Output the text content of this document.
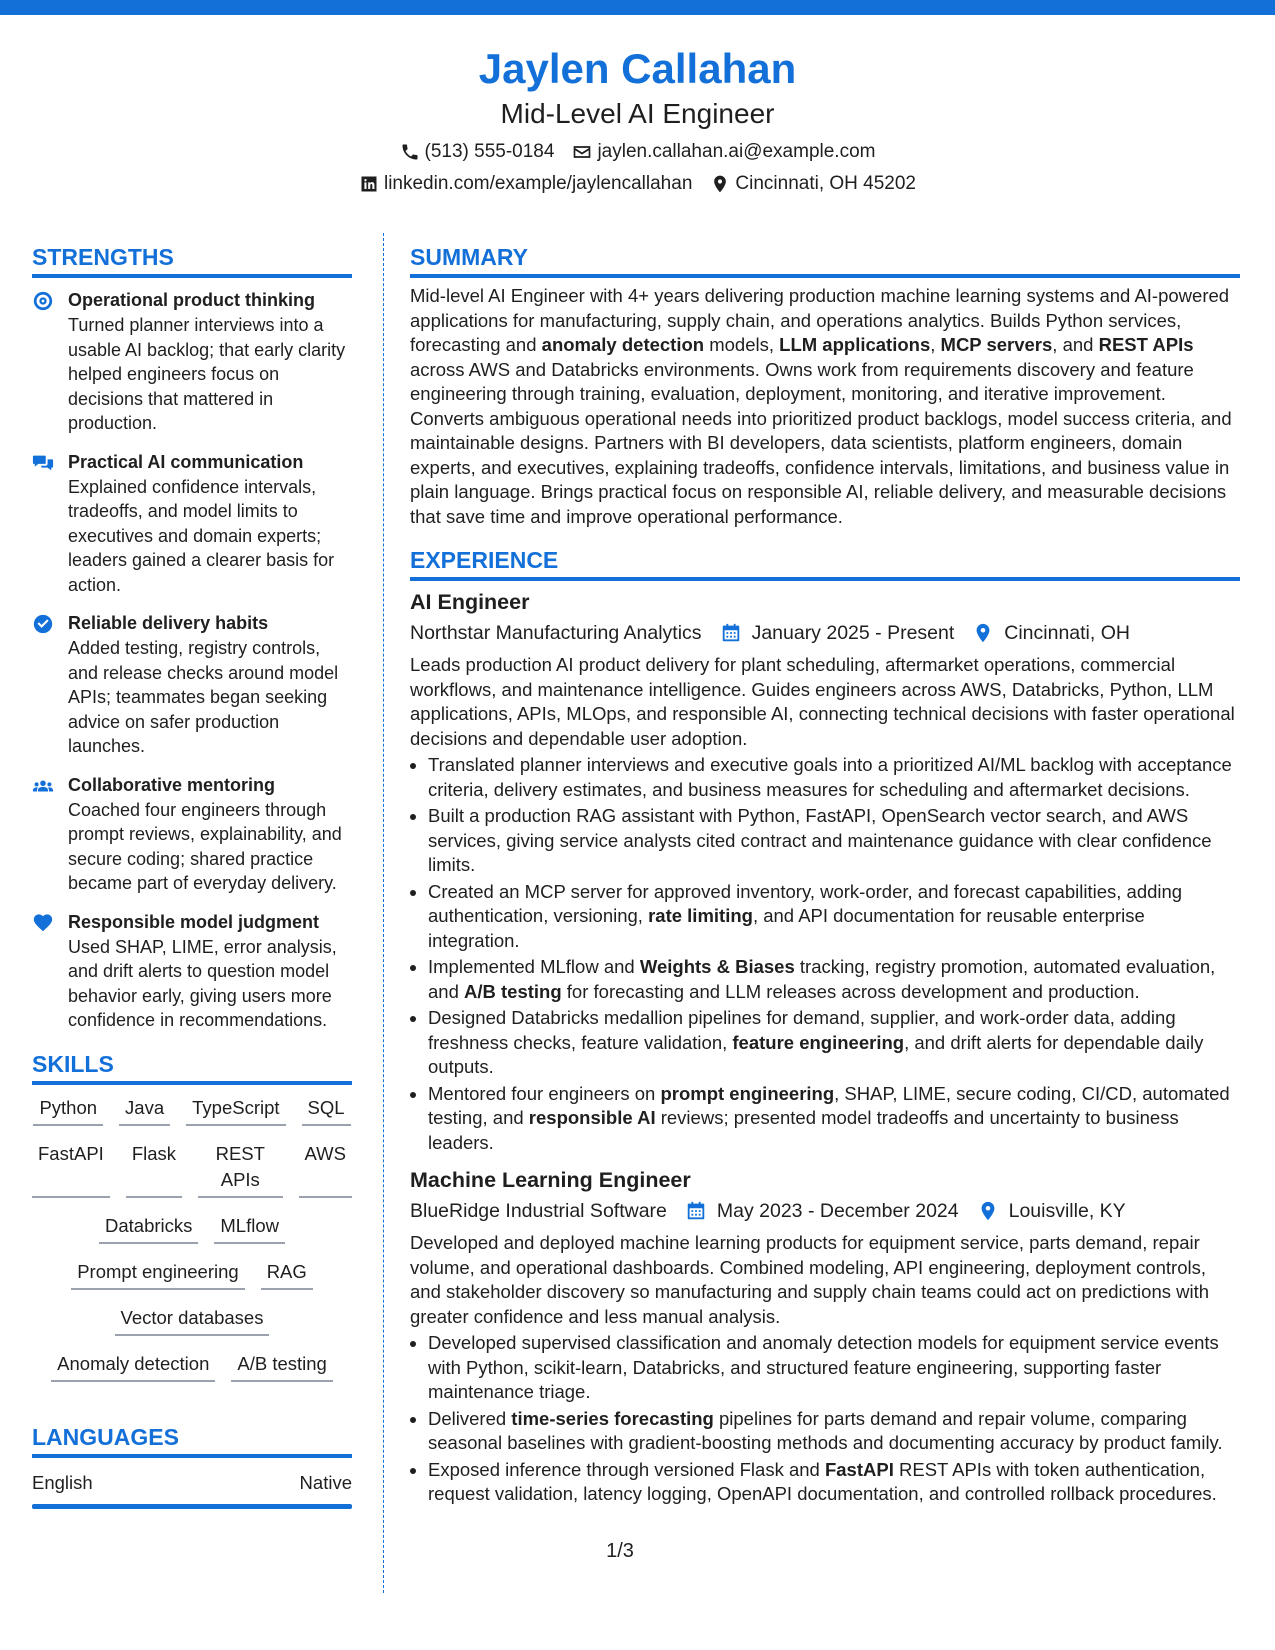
Jaylen Callahan
Mid-Level AI Engineer
(513) 555-0184 jaylen.callahan.ai@example.com
linkedin.com/example/jaylencallahan Cincinnati, OH 45202
STRENGTHS
Operational product thinking
Turned planner interviews into a usable AI backlog; that early clarity helped engineers focus on decisions that mattered in production.
Practical AI communication
Explained confidence intervals, tradeoffs, and model limits to executives and domain experts; leaders gained a clearer basis for action.
Reliable delivery habits
Added testing, registry controls, and release checks around model APIs; teammates began seeking advice on safer production launches.
Collaborative mentoring
Coached four engineers through prompt reviews, explainability, and secure coding; shared practice became part of everyday delivery.
Responsible model judgment
Used SHAP, LIME, error analysis, and drift alerts to question model behavior early, giving users more confidence in recommendations.
SKILLS
Python	Java	TypeScript	SQL
FastAPI	Flask	REST APIs
AWS
Databricks	MLflow
Prompt engineering	RAG
Vector databases
Anomaly detection	A/B testing
LANGUAGES
English	Native
SUMMARY
Mid-level AI Engineer with 4+ years delivering production machine learning systems and AI-powered applications for manufacturing, supply chain, and operations analytics. Builds Python services, forecasting and anomaly detection models, LLM applications, MCP servers, and REST APIs across AWS and Databricks environments. Owns work from requirements discovery and feature engineering through training, evaluation, deployment, monitoring, and iterative improvement. Converts ambiguous operational needs into prioritized product backlogs, model success criteria, and maintainable designs. Partners with BI developers, data scientists, platform engineers, domain experts, and executives, explaining tradeoffs, confidence intervals, limitations, and business value in plain language. Brings practical focus on responsible AI, reliable delivery, and measurable decisions that save time and improve operational performance.
EXPERIENCE
AI Engineer
Northstar Manufacturing Analytics	January 2025 - Present	Cincinnati, OH
Leads production AI product delivery for plant scheduling, aftermarket operations, commercial workflows, and maintenance intelligence. Guides engineers across AWS, Databricks, Python, LLM applications, APIs, MLOps, and responsible AI, connecting technical decisions with faster operational decisions and dependable user adoption.
• Translated planner interviews and executive goals into a prioritized AI/ML backlog with acceptance criteria, delivery estimates, and business measures for scheduling and aftermarket decisions.
• Built a production RAG assistant with Python, FastAPI, OpenSearch vector search, and AWS services, giving service analysts cited contract and maintenance guidance with clear confidence limits.
• Created an MCP server for approved inventory, work-order, and forecast capabilities, adding authentication, versioning, rate limiting, and API documentation for reusable enterprise integration.
• Implemented MLflow and Weights & Biases tracking, registry promotion, automated evaluation, and A/B testing for forecasting and LLM releases across development and production.
• Designed Databricks medallion pipelines for demand, supplier, and work-order data, adding freshness checks, feature validation, feature engineering, and drift alerts for dependable daily outputs.
• Mentored four engineers on prompt engineering, SHAP, LIME, secure coding, CI/CD, automated testing, and responsible AI reviews; presented model tradeoffs and uncertainty to business leaders.
Machine Learning Engineer
BlueRidge Industrial Software	May 2023 - December 2024	Louisville, KY
Developed and deployed machine learning products for equipment service, parts demand, repair volume, and operational dashboards. Combined modeling, API engineering, deployment controls, and stakeholder discovery so manufacturing and supply chain teams could act on predictions with greater confidence and less manual analysis.
• Developed supervised classification and anomaly detection models for equipment service events with Python, scikit-learn, Databricks, and structured feature engineering, supporting faster maintenance triage.
• Delivered time-series forecasting pipelines for parts demand and repair volume, comparing seasonal baselines with gradient-boosting methods and documenting accuracy by product family.
• Exposed inference through versioned Flask and FastAPI REST APIs with token authentication, request validation, latency logging, OpenAPI documentation, and controlled rollback procedures.
1/3
